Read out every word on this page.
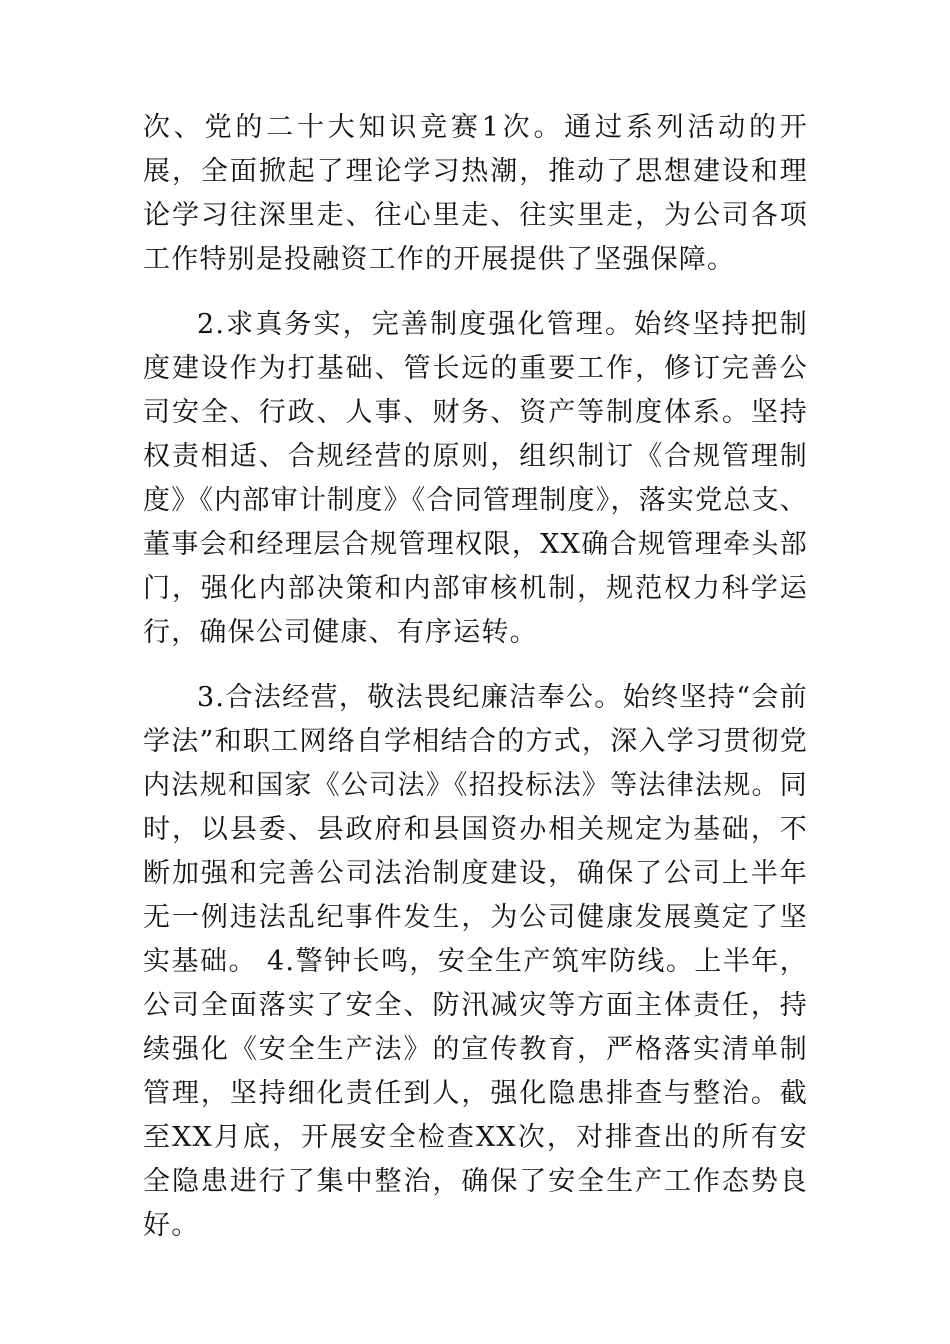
次、党的二十大知识竞赛1次。通过系列活动的开展，全面掀起了理论学习热潮，推动了思想建设和理论学习往深里走、往心里走、往实里走，为公司各项工作特别是投融资工作的开展提供了坚强保障。

2.求真务实，完善制度强化管理。始终坚持把制度建设作为打基础、管长远的重要工作，修订完善公司安全、行政、人事、财务、资产等制度体系。坚持权责相适、合规经营的原则，组织制订《合规管理制度》《内部审计制度》《合同管理制度》，落实党总支、董事会和经理层合规管理权限，XX确合规管理牵头部门，强化内部决策和内部审核机制，规范权力科学运行，确保公司健康、有序运转。

3.合法经营，敬法畏纪廉洁奉公。始终坚持“会前学法”和职工网络自学相结合的方式，深入学习贯彻党内法规和国家《公司法》《招投标法》等法律法规。同时，以县委、县政府和县国资办相关规定为基础，不断加强和完善公司法治制度建设，确保了公司上半年无一例违法乱纪事件发生，为公司健康发展奠定了坚实基础。 4.警钟长鸣，安全生产筑牢防线。上半年，公司全面落实了安全、防汛减灾等方面主体责任，持续强化《安全生产法》的宣传教育，严格落实清单制管理，坚持细化责任到人，强化隐患排查与整治。截至XX月底，开展安全检查XX次，对排查出的所有安全隐患进行了集中整治，确保了安全生产工作态势良好。
